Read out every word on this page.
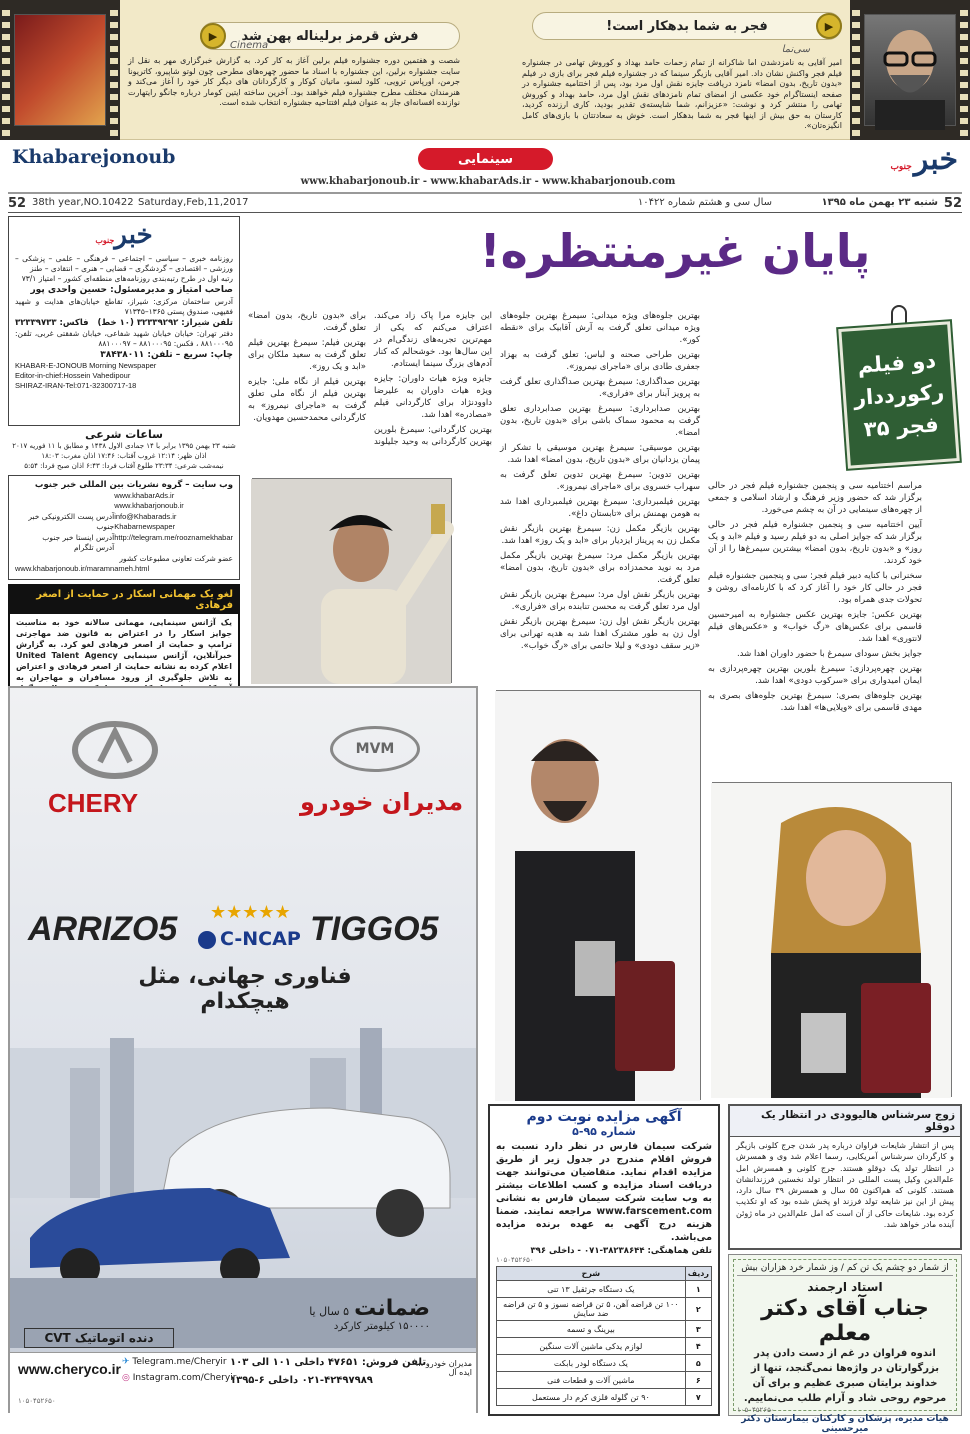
فجر به شما بدهکار است!	▶
سی‌نما
امیر آقایی به نامزدشدن اما شاکرانه از تمام زحمات حامد بهداد و کوروش تهامی در جشنواره فیلم فجر واکنش نشان داد. امیر آقایی بازیگر سینما که در جشنواره فیلم فجر برای بازی در فیلم «بدون تاریخ، بدون امضا» نامزد دریافت جایزه نقش اول مرد بود، پس از اختتامیه جشنواره در صفحه اینستاگرام خود عکسی از امضای تمام نامزدهای نقش اول مرد، حامد بهداد و کوروش تهامی را منتشر کرد و نوشت: «عزیزانم، شما شایسته‌ی تقدیر بودید، کاری ارزنده کردید، کارستان به حق بیش از اینها فجر به شما بدهکار است. خوش به سعادتتان با بازی‌های کامل انگیزه‌تان».
فرش قرمز برلیناله پهن شد
▶
Cinema
شصت و هفتمین دوره جشنواره فیلم برلین آغاز به کار کرد. به گزارش خبرگزاری مهر به نقل از سایت جشنواره برلین، این جشنواره با اسناد ما حضور چهره‌های مطرحی چون لوتو شاپیرو، کاتریونا جرمن، اورپاس ترویی، کلود لسنو، ماتیان کوکار و کارگردانان های دیگر کار خود را آغاز می‌کند و هنرمندان مختلف مطرح جشنواره فیلم خواهند بود. آخرین ساخته ایتین کومار درباره جانگو رایتهارت نوازنده افسانه‌ای جاز به عنوان فیلم افتتاحیه جشنواره انتخاب شده است.
خبرجنوب
Khabarejonoub	سینمایی
www.khabarjonoub.ir - www.khabarAds.ir - www.khabarjonoub.com
52
شنبه ۲۳ بهمن ماه ۱۳۹۵
سال سی و هشتم شماره ۱۰۴۲۲
Saturday,Feb,11,2017
38th year,NO.10422
52
خبرجنوب
روزنامه خبری – سیاسی – اجتماعی – فرهنگی – علمی – پزشکی – ورزشی – اقتصادی – گردشگری – قضایی – هنری – انتقادی – طنز
رتبه اول در طرح رتبه‌بندی روزنامه‌های منطقه‌ای کشور – امتیاز ۷۳/۱
صاحب امتیاز و مدیرمسئول: حسین واحدی پور
آدرس ساختمان مرکزی: شیراز، تقاطع خیابان‌های هدایت و شهید فقیهی، صندوق پستی ۱۳۶۵–۷۱۳۴۵
تلفن شیراز: ۳۲۳۳۹۲۹۲ (۱۰ خط)   فاکس: ۳۲۳۳۹۷۳۳
دفتر تهران: خیابان خیابان شهید شفاعی، خیابان شفقتی غربی، تلفن: ۸۸۱۰۰۰۹۵ ، فکس: ۸۸۱۰۰۰۹۵ – ۸۸۱۰۰۰۹۷
چاپ: سریع – تلفن: ۳۸۴۳۸۰۱۱
KHABAR-E-JONOUB Morning Newspaper
Editor-in-chief:Hossein Vahedipour
SHIRAZ-IRAN-Tel:071-32300717-18
ساعات شرعی
شنبه ۲۳ بهمن ۱۳۹۵ برابر با ۱۴ جمادی الاول ۱۴۳۸ و مطابق با ۱۱ فوریه ۲۰۱۷
اذان ظهر: ۱۲:۱۴ غروب آفتاب: ۱۷:۴۶ اذان مغرب: ۱۸:۰۳
نیمه‌شب شرعی: ۲۳:۳۴ طلوع آفتاب فردا: ۶:۴۳ اذان صبح فردا: ۵:۵۴
وب سایت – گروه نشریات بین المللی خبر جنوب
www.khabarAds.ir
www.khabarjonoub.ir
info@Khabarads.ir
Khabarnewspaper
http://telegram.me/rooznamekhabar

آدرس پست الکترونیکی خبر جنوب
آدرس اینستا خبر جنوب
آدرس تلگرام
عضو شرکت تعاونی مطبوعات کشور
www.khabarjonoub.ir/maramnameh.html
لغو یک مهمانی اسکار در حمایت از اصغر فرهادی
یک آژانس سینمایی، مهمانی سالانه خود به مناسبت جوایز اسکار را در اعتراض به قانون ضد مهاجرتی ترامپ و حمایت از اصغر فرهادی لغو کرد. به گزارش خبرآنلاین، آژانس سینمایی United Talent Agency اعلام کرده به نشانه حمایت از اصغر فرهادی و اعتراض به تلاش جلوگیری از ورود مسافران و مهاجران به
پایان غیرمنتظره!
دو فیلم رکورددار فجر ۳۵

مراسم اختتامیه سی و پنجمین جشنواره فیلم فجر در حالی برگزار شد که حضور وزیر فرهنگ و ارشاد اسلامی و جمعی از چهره‌های سینمایی در آن به چشم می‌خورد.

آیین اختتامیه سی و پنجمین جشنواره فیلم فجر در حالی برگزار شد که جوایز اصلی به دو فیلم رسید و فیلم «ابد و یک روز» و «بدون تاریخ، بدون امضا» بیشترین سیمرغ‌ها را از آن خود کردند.

سخنرانی با کنایه دبیر فیلم فجر: سی و پنجمین جشنواره فیلم فجر در حالی کار خود را آغاز کرد که با کارنامه‌ای روشن و تحولات جدی همراه بود.

بهترین عکس: جایزه بهترین عکس جشنواره به امیرحسین قاسمی برای عکس‌های «رگ خواب» و «عکس‌های فیلم لانتوری» اهدا شد.

جوایز بخش سودای سیمرغ با حضور داوران اهدا شد.

بهترین چهره‌پردازی: سیمرغ بلورین بهترین چهره‌پردازی به ایمان امیدواری برای «سرکوب دودی» اهدا شد.

بهترین جلوه‌های بصری: سیمرغ بهترین جلوه‌های بصری به مهدی قاسمی برای «ویلایی‌ها» اهدا شد.

بهترین جلوه‌های ویژه میدانی: سیمرغ بهترین جلوه‌های ویژه میدانی تعلق گرفت به آرش آقابیک برای «نقطه کور».

بهترین طراحی صحنه و لباس: تعلق گرفت به بهزاد جعفری طادی برای «ماجرای نیمروز».

بهترین صداگذاری: سیمرغ بهترین صداگذاری تعلق گرفت به پرویز آبنار برای «فراری».

بهترین صدابرداری: سیمرغ بهترین صدابرداری تعلق گرفت به محمود سماک باشی برای «بدون تاریخ، بدون امضا».

بهترین موسیقی: سیمرغ بهترین موسیقی با تشکر از پیمان یزدانیان برای «بدون تاریخ، بدون امضا» اهدا شد.

بهترین تدوین: سیمرغ بهترین تدوین تعلق گرفت به سهراب خسروی برای «ماجرای نیمروز».

بهترین فیلمبرداری: سیمرغ بهترین فیلمبرداری اهدا شد به هومن بهمنش برای «تابستان داغ».

بهترین بازیگر مکمل زن: سیمرغ بهترین بازیگر نقش مکمل زن به پریناز ایزدیار برای «ابد و یک روز» اهدا شد.

بهترین بازیگر مکمل مرد: سیمرغ بهترین بازیگر مکمل مرد به نوید محمدزاده برای «بدون تاریخ، بدون امضا» تعلق گرفت.

بهترین بازیگر نقش اول مرد: سیمرغ بهترین بازیگر نقش اول مرد تعلق گرفت به محسن تنابنده برای «فراری».

بهترین بازیگر نقش اول زن: سیمرغ بهترین بازیگر نقش اول زن به طور مشترک اهدا شد به هدیه تهرانی برای «زیر سقف دودی» و لیلا حاتمی برای «رگ خواب».

این جایزه مرا پاک زاد می‌کند. اعتراف می‌کنم که یکی از مهم‌ترین تجربه‌های زندگی‌ام در این سال‌ها بود. خوشحالم که کنار آدم‌های بزرگ سینما ایستادم.

جایزه ویژه هیات داوران: جایزه ویژه هیات داوران به علیرضا داوودنژاد برای کارگردانی فیلم «مصادره» اهدا شد.

بهترین کارگردانی: سیمرغ بلورین بهترین کارگردانی به وحید جلیلوند برای «بدون تاریخ، بدون امضا» تعلق گرفت.

بهترین فیلم: سیمرغ بهترین فیلم تعلق گرفت به سعید ملکان برای «ابد و یک روز».

بهترین فیلم از نگاه ملی: جایزه بهترین فیلم از نگاه ملی تعلق گرفت به «ماجرای نیمروز» به کارگردانی محمدحسین مهدویان.

CHERY
MVM
مدیران خودرو
ARRIZO5	TIGGO5
★★★★★
C-NCAP
فناوری جهانی، مثل هیچکدام
ضمانت ۵ سال یا
۱۵۰۰۰۰ کیلومتر کارکرد
دنده اتوماتیک CVT
www.cheryco.ir ✈ Telegram.me/Cheryir
◎ Instagram.com/Cheryir
تلفن فروش: ۴۷۶۵۱ داخلی ۱۰۱ الی ۱۰۳
۰۲۱-۴۲۴۹۷۹۸۹ داخلی ۶-۱۳۹۵
مدیران خودرو ... ایده آل
۱۰۵۰۴۵۲۶۵۰
آگهی مزایده نوبت دوم
شماره ۹۵-۵
شرکت سیمان فارس در نظر دارد نسبت به فروش اقلام مندرج در جدول زیر از طریق مزایده اقدام نماید. متقاضیان می‌توانند جهت دریافت اسناد مزایده و کسب اطلاعات بیشتر به وب سایت شرکت سیمان فارس به نشانی www.farscement.com مراجعه نمایند. ضمنا هزینه درج آگهی به عهده برنده مزایده می‌باشد.
تلفن هماهنگی: ۳۸۲۳۸۶۴۴-۰۷۱ - داخلی ۳۹۶
۱۰۵۰۴۵۲۶۵۰
ردیف	شرح
۱	یک دستگاه جرثقیل ۱۳ تنی
۲	۱۰۰ تن قراضه آهن، ۵ تن قراضه نسوز و ۵ تن قراضه ضد سایش
۳	بیرینگ و تسمه
۴	لوازم یدکی ماشین آلات سنگین
۵	یک دستگاه لودر بابکت
۶	ماشین آلات و قطعات فنی
۷	۹۰ تن گلوله فلزی کرم دار مستعمل
زوج سرشناس هالیوودی در انتظار یک دوقلو
پس از انتشار شایعات فراوان درباره پدر شدن جرج کلونی بازیگر و کارگردان سرشناس آمریکایی، رسما اعلام شد وی و همسرش در انتظار تولد یک دوقلو هستند. جرج کلونی و همسرش امل علم‌الدین وکیل پست المللی در انتظار تولد نخستین فرزندانشان هستند. کلونی که هم‌اکنون ۵۵ سال و همسرش ۳۹ سال دارد، پیش از این نیز شایعه تولد فرزند او پخش شده بود که او تکذیب کرده بود. شایعات حاکی از آن است که امل علم‌الدین در ماه ژوئن آینده مادر خواهد شد.
از شمار دو چشم یک تن کم / وز شمار خرد هزاران بیش
استاد ارجمند
جناب آقای دکتر معلم
اندوه فراوان در غم از دست دادن پدر بزرگوارتان در واژه‌ها نمی‌گنجد، تنها از خداوند برایتان صبری عظیم و برای آن مرحوم روحی شاد و آرام طلب می‌نماییم.
۱۰۵۰۴۵۲۶۵۰
هیات مدیره، پزشکان و کارکنان بیمارستان دکتر میرحسینی
